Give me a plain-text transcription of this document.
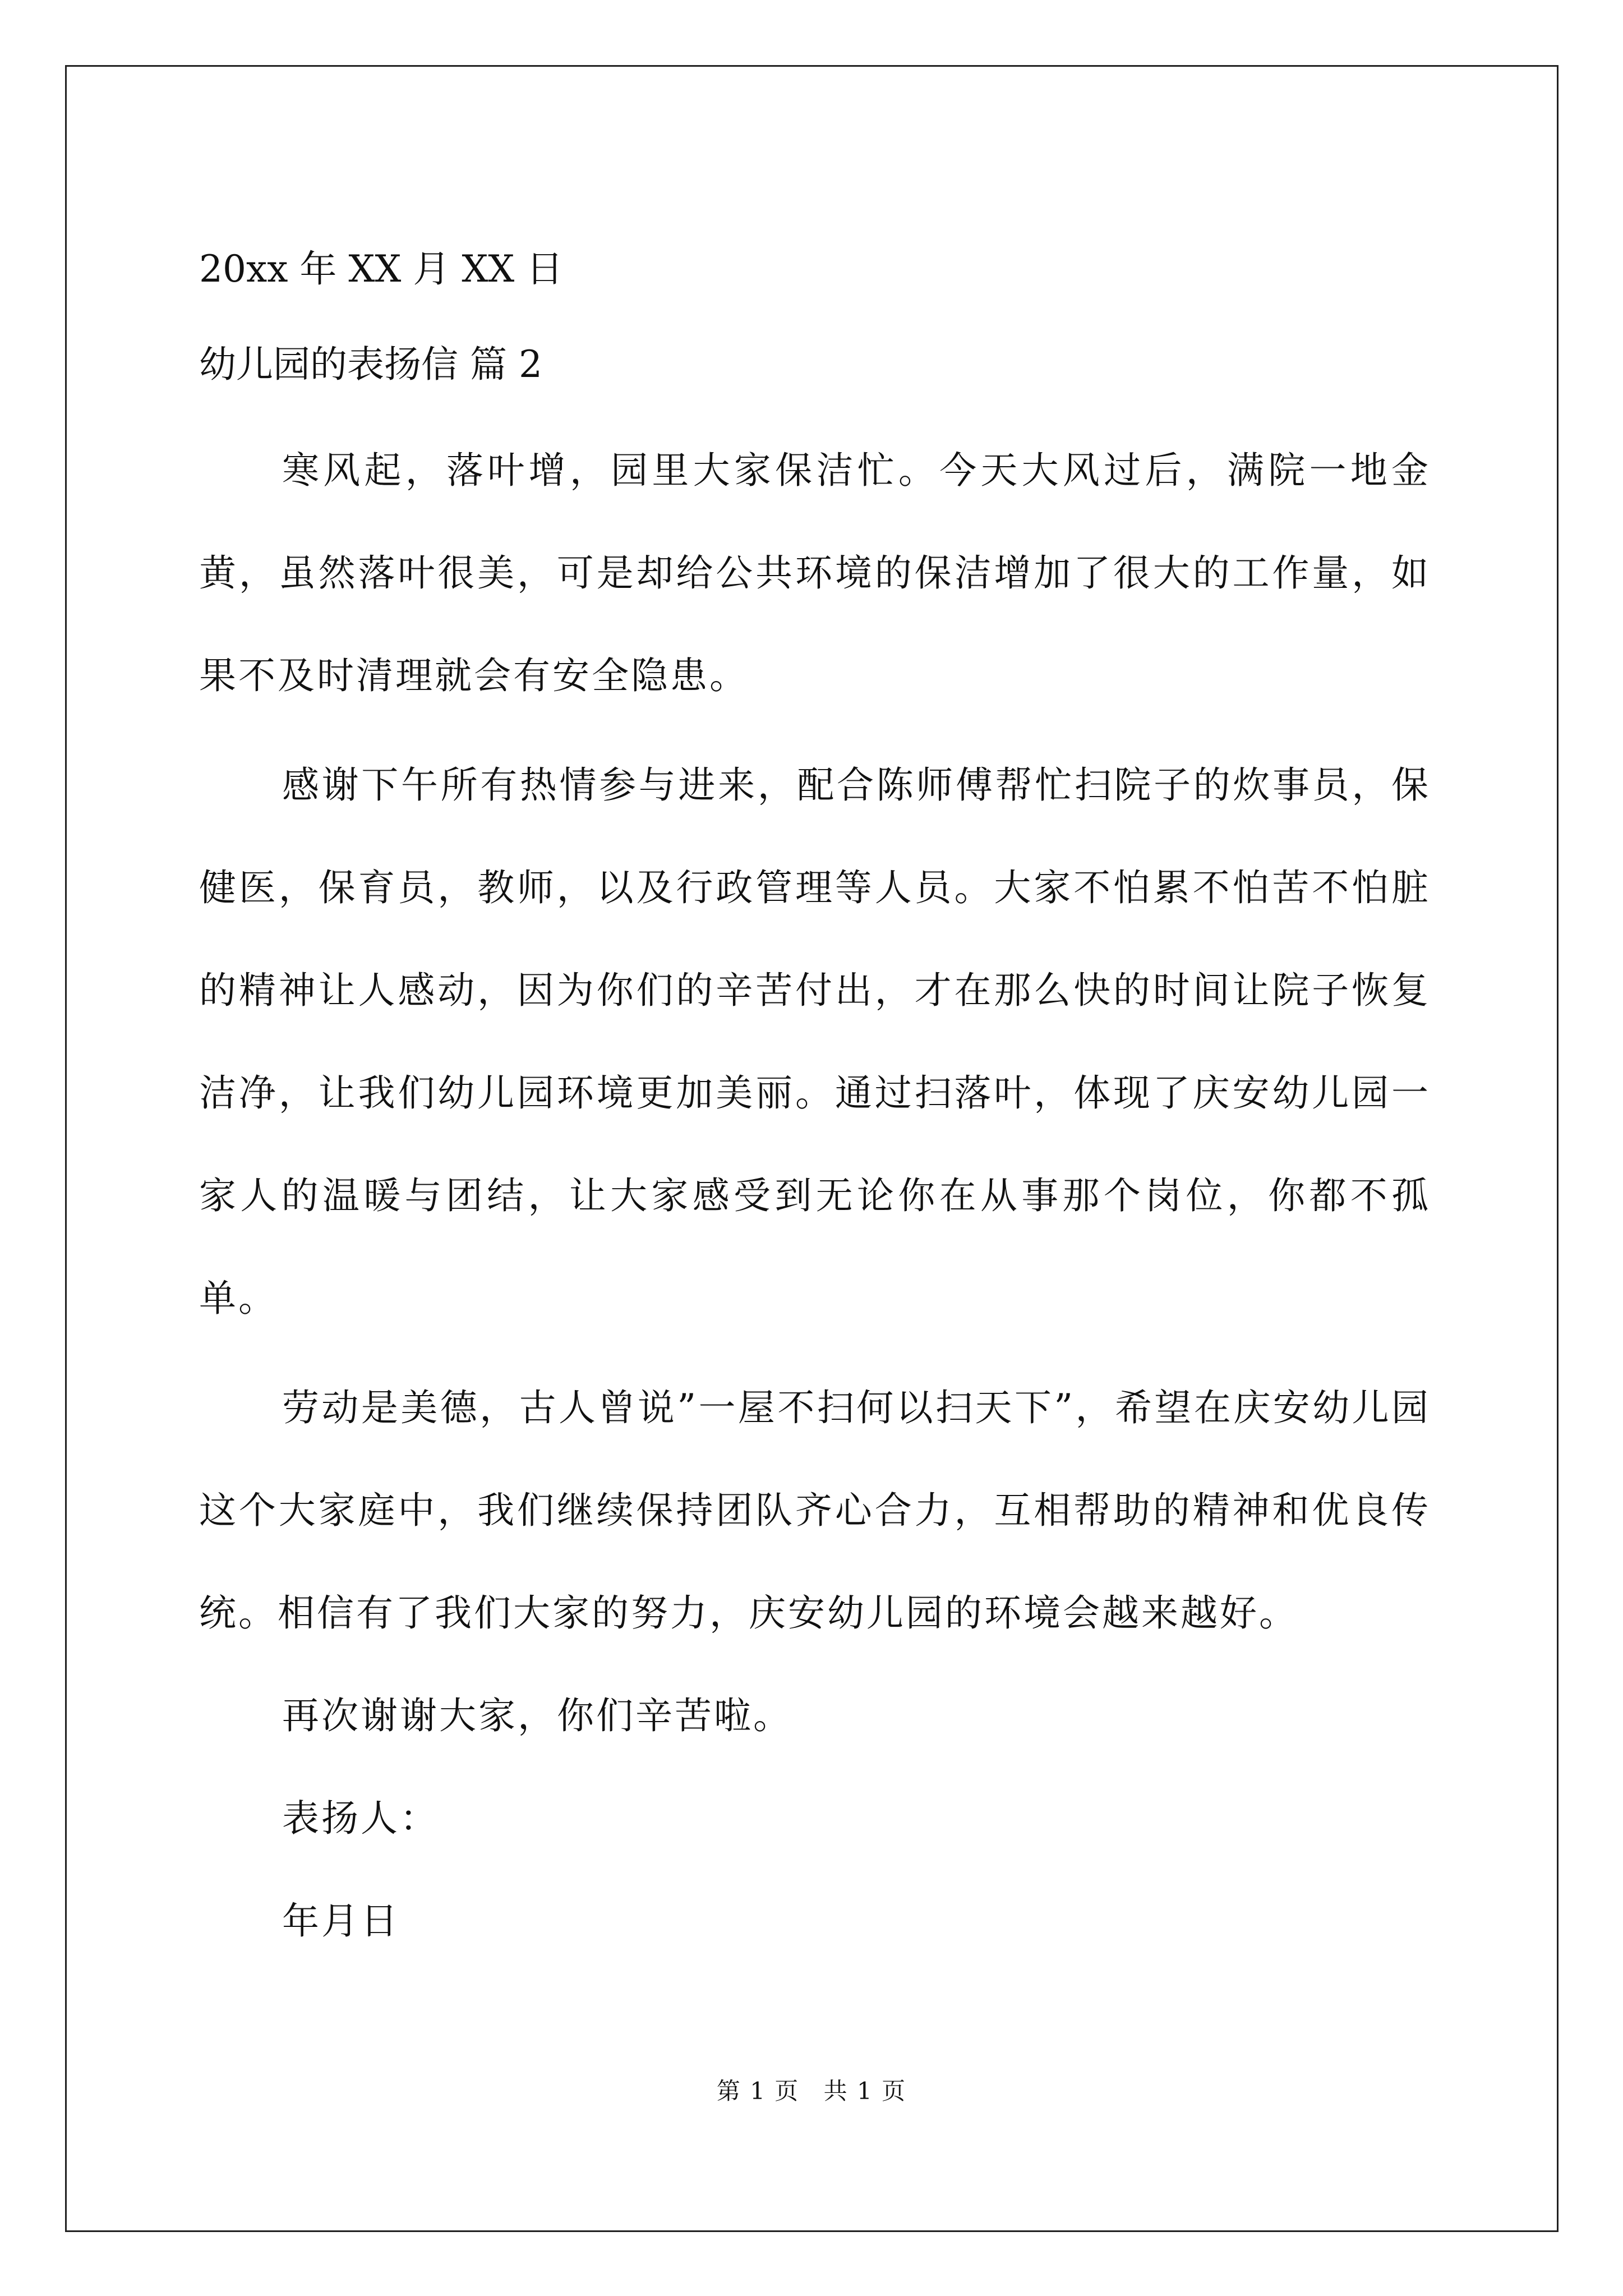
20xx 年 XX 月 XX 日

幼儿园的表扬信 篇 2

寒风起，落叶增，园里大家保洁忙。今天大风过后，满院一地金黄，虽然落叶很美，可是却给公共环境的保洁增加了很大的工作量，如果不及时清理就会有安全隐患。

感谢下午所有热情参与进来，配合陈师傅帮忙扫院子的炊事员，保健医，保育员，教师，以及行政管理等人员。大家不怕累不怕苦不怕脏的精神让人感动，因为你们的辛苦付出，才在那么快的时间让院子恢复洁净，让我们幼儿园环境更加美丽。通过扫落叶，体现了庆安幼儿园一家人的温暖与团结，让大家感受到无论你在从事那个岗位，你都不孤单。

劳动是美德，古人曾说”一屋不扫何以扫天下”，希望在庆安幼儿园这个大家庭中，我们继续保持团队齐心合力，互相帮助的精神和优良传统。相信有了我们大家的努力，庆安幼儿园的环境会越来越好。

再次谢谢大家，你们辛苦啦。

表扬人：

年月日

第 1 页 共 1 页
